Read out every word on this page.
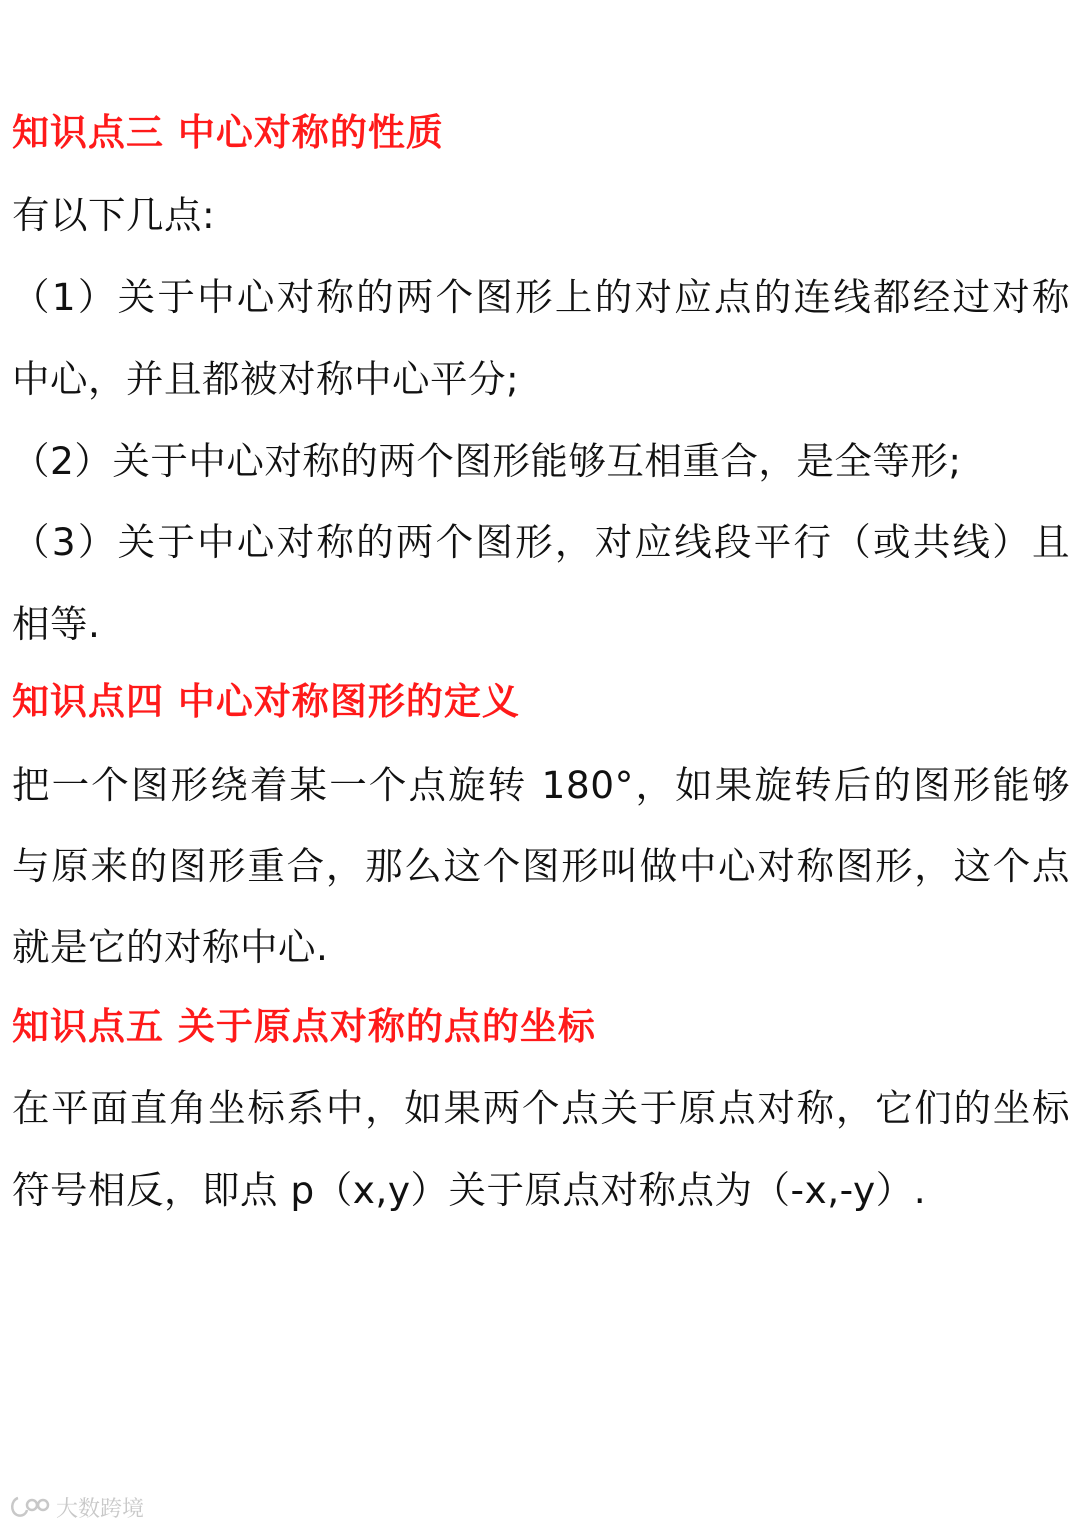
知识点三 中心对称的性质
有以下几点:
（1）关于中心对称的两个图形上的对应点的连线都经过对称
中心，并且都被对称中心平分;
（2）关于中心对称的两个图形能够互相重合，是全等形;
（3）关于中心对称的两个图形，对应线段平行（或共线）且
相等.
知识点四 中心对称图形的定义
把一个图形绕着某一个点旋转 180°，如果旋转后的图形能够
与原来的图形重合，那么这个图形叫做中心对称图形，这个点
就是它的对称中心.
知识点五 关于原点对称的点的坐标
在平面直角坐标系中，如果两个点关于原点对称，它们的坐标
符号相反，即点 p（x,y）关于原点对称点为（-x,-y）.
大数跨境
